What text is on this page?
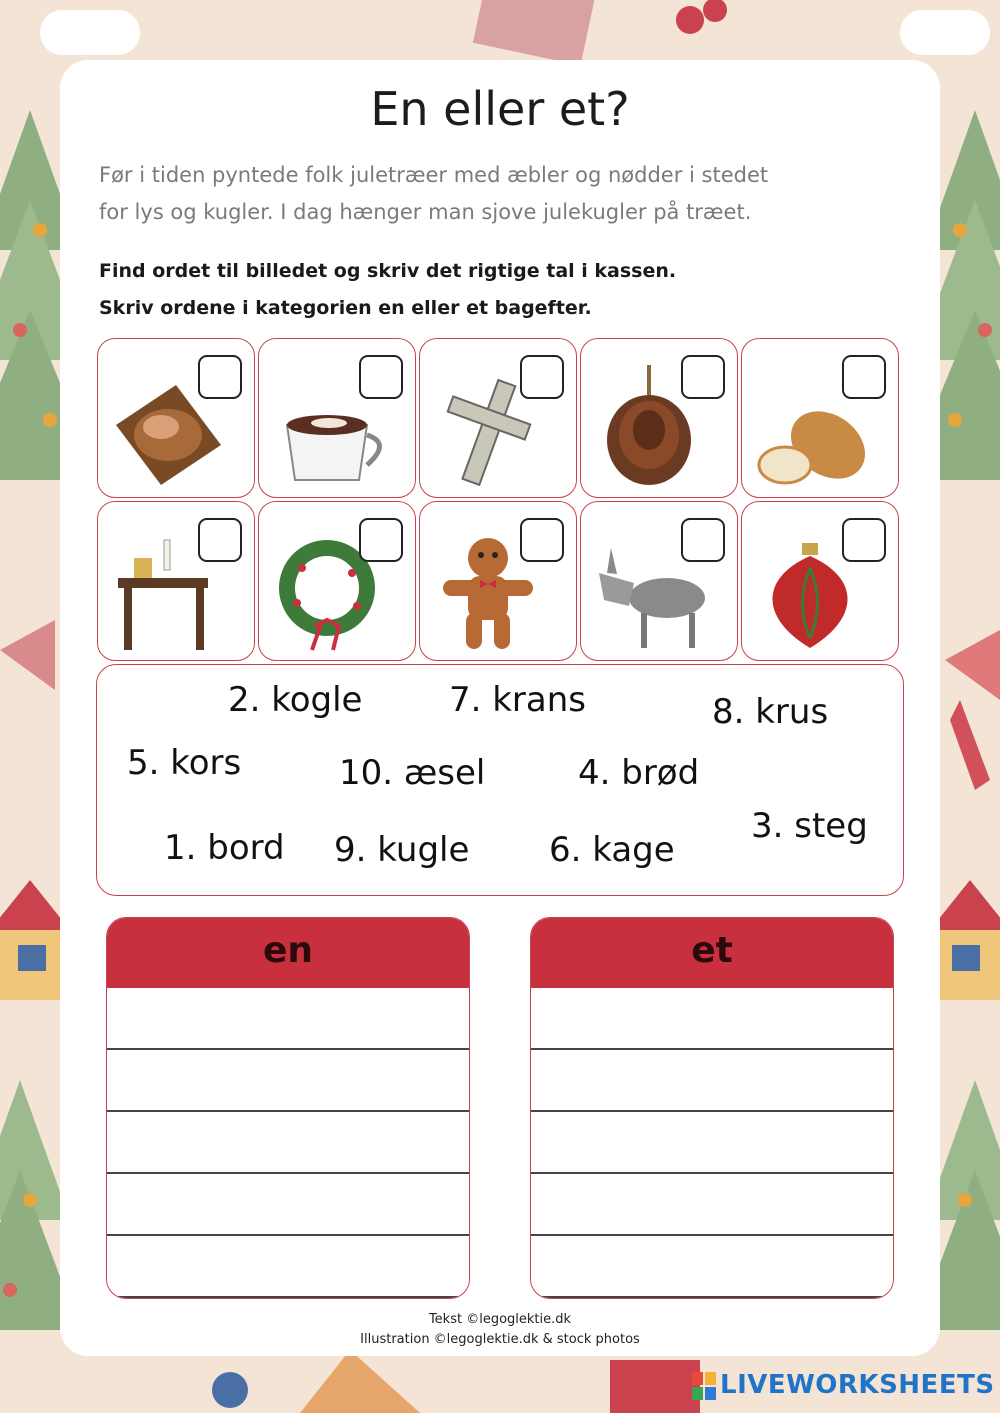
En eller et?
Før i tiden pyntede folk juletræer med æbler og nødder i stedet
for lys og kugler. I dag hænger man sjove julekugler på træet.
Find ordet til billedet og skriv det rigtige tal i kassen.
Skriv ordene i kategorien en eller et bagefter.
2. kogle	7. krans	8. krus
5. kors	10. æsel	4. brød
3. steg
1. bord 9. kugle 6. kage
en	et
Tekst ©legoglektie.dk
Illustration ©legoglektie.dk & stock photos
LIVEWORKSHEETS
